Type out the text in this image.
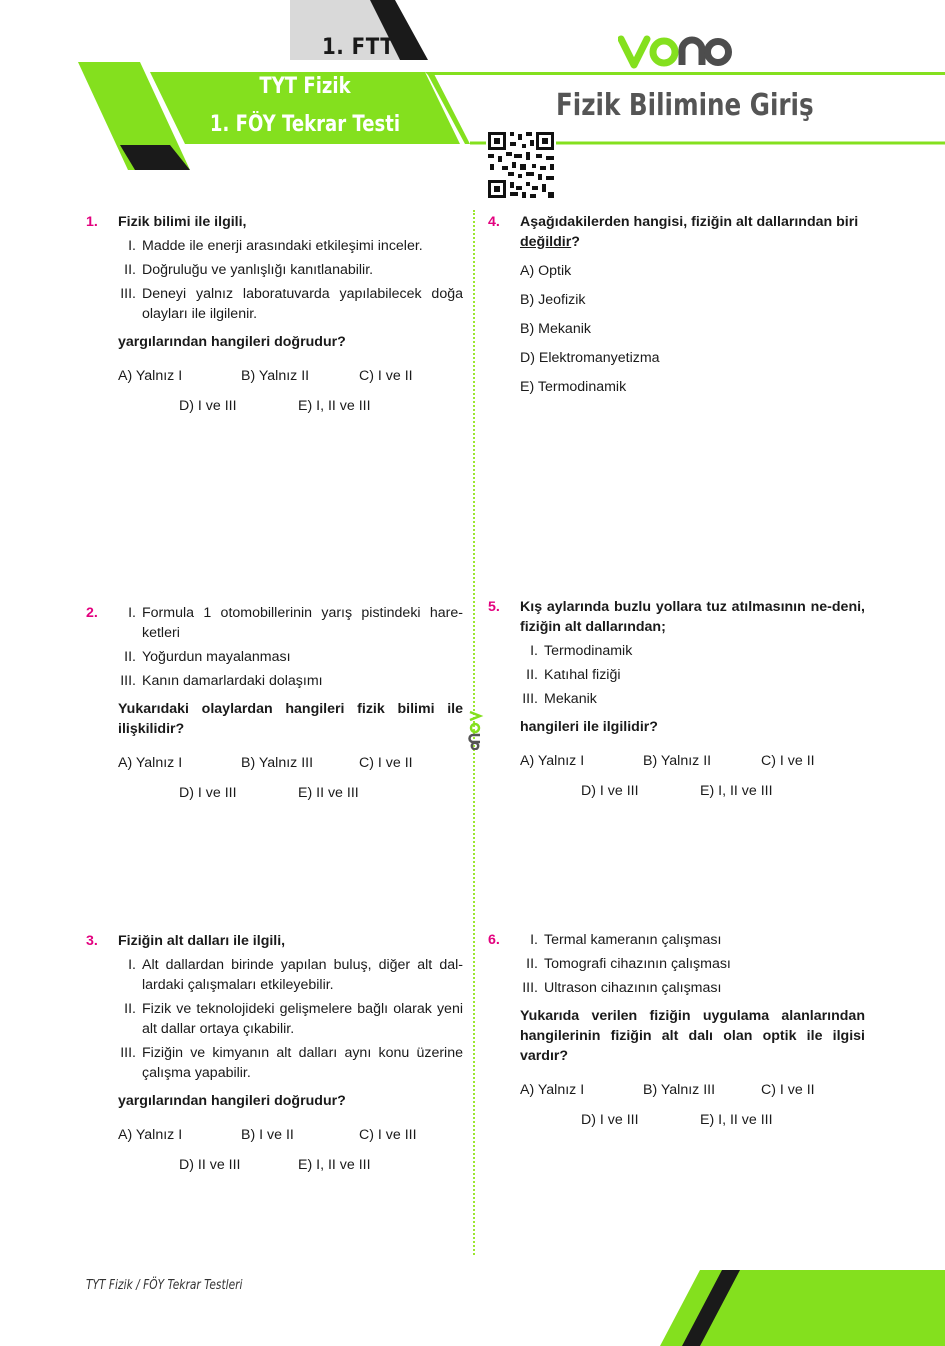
1. FTT
TYT Fizik
1. FÖY Tekrar Testi
Fizik Bilimine Giriş
1. Fizik bilimi ile ilgili,
I. Madde ile enerji arasındaki etkileşimi inceler.
II. Doğruluğu ve yanlışlığı kanıtlanabilir.
III. Deneyi yalnız laboratuvarda yapılabilecek doğa olayları ile ilgilenir.
yargılarından hangileri doğrudur?
A) Yalnız I	B) Yalnız II	C) I ve II
D) I ve III	E) I, II ve III
2.	I. Formula 1 otomobillerinin yarış pistindeki hare-ketleri
II. Yoğurdun mayalanması
III. Kanın damarlardaki dolaşımı
Yukarıdaki olaylardan hangileri fizik bilimi ile ilişkilidir?
A) Yalnız I	B) Yalnız III	C) I ve II
D) I ve III	E) II ve III
3. Fiziğin alt dalları ile ilgili,
I. Alt dallardan birinde yapılan buluş, diğer alt dal-lardaki çalışmaları etkileyebilir.
II. Fizik ve teknolojideki gelişmelere bağlı olarak yeni alt dallar ortaya çıkabilir.
III. Fiziğin ve kimyanın alt dalları aynı konu üzerine çalışma yapabilir.
yargılarından hangileri doğrudur?
A) Yalnız I	B) I ve II	C) I ve III
D) II ve III	E) I, II ve III
4. Aşağıdakilerden hangisi, fiziğin alt dallarından biri değildir?
A) Optik
B) Jeofizik
B) Mekanik
D) Elektromanyetizma
E) Termodinamik
5. Kış aylarında buzlu yollara tuz atılmasının ne-deni, fiziğin alt dallarından;
I. Termodinamik
II. Katıhal fiziği
III. Mekanik
hangileri ile ilgilidir?
A) Yalnız I	B) Yalnız II	C) I ve II
D) I ve III	E) I, II ve III
6.	I. Termal kameranın çalışması
II. Tomografi cihazının çalışması
III. Ultrason cihazının çalışması
Yukarıda verilen fiziğin uygulama alanlarından hangilerinin fiziğin alt dalı olan optik ile ilgisi vardır?
A) Yalnız I	B) Yalnız III	C) I ve II
D) I ve III	E) I, II ve III
TYT Fizik / FÖY Tekrar Testleri
